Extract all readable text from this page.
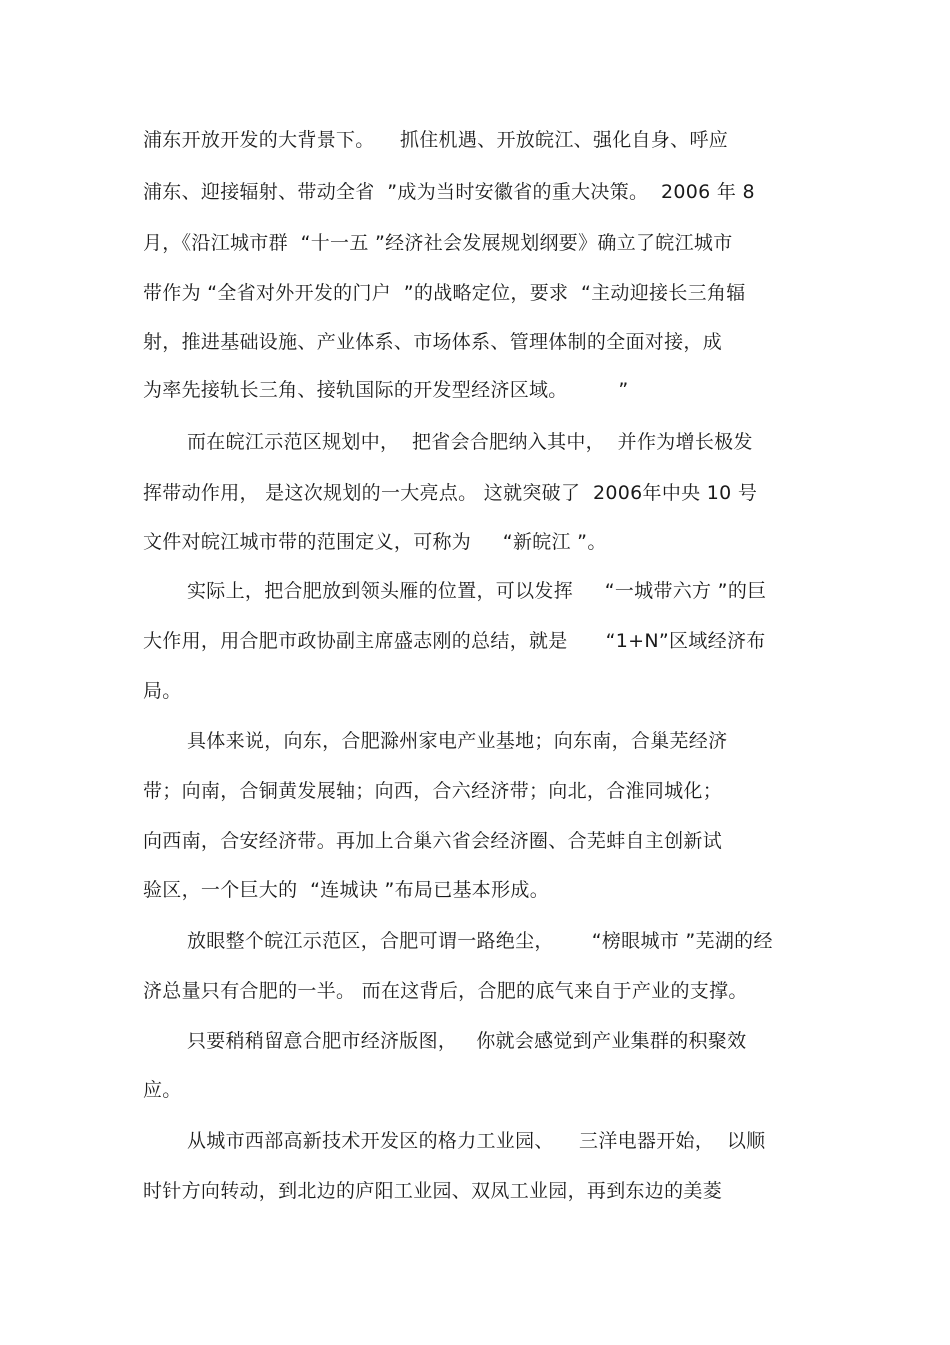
浦东开放开发的大背景下。    抓住机遇、开放皖江、强化自身、呼应
浦东、迎接辐射、带动全省  ”成为当时安徽省的重大决策。  2006 年 8
月，《沿江城市群  “十一五 ”经济社会发展规划纲要》确立了皖江城市
带作为 “全省对外开发的门户  ”的战略定位，要求  “主动迎接长三角辐
射，推进基础设施、产业体系、市场体系、管理体制的全面对接，成
为率先接轨长三角、接轨国际的开发型经济区域。        ”
而在皖江示范区规划中，  把省会合肥纳入其中，  并作为增长极发
挥带动作用， 是这次规划的一大亮点。 这就突破了  2006年中央 10 号
文件对皖江城市带的范围定义，可称为     “新皖江 ”。
实际上，把合肥放到领头雁的位置，可以发挥     “一城带六方 ”的巨
大作用，用合肥市政协副主席盛志刚的总结，就是      “1+N”区域经济布
局。
具体来说，向东，合肥滁州家电产业基地；向东南，合巢芜经济
带；向南，合铜黄发展轴；向西，合六经济带；向北，合淮同城化；
向西南，合安经济带。再加上合巢六省会经济圈、合芜蚌自主创新试
验区，一个巨大的  “连城诀 ”布局已基本形成。
放眼整个皖江示范区，合肥可谓一路绝尘，      “榜眼城市 ”芜湖的经
济总量只有合肥的一半。 而在这背后，合肥的底气来自于产业的支撑。
只要稍稍留意合肥市经济版图，   你就会感觉到产业集群的积聚效
应。
从城市西部高新技术开发区的格力工业园、    三洋电器开始，  以顺
时针方向转动，到北边的庐阳工业园、双凤工业园，再到东边的美菱
